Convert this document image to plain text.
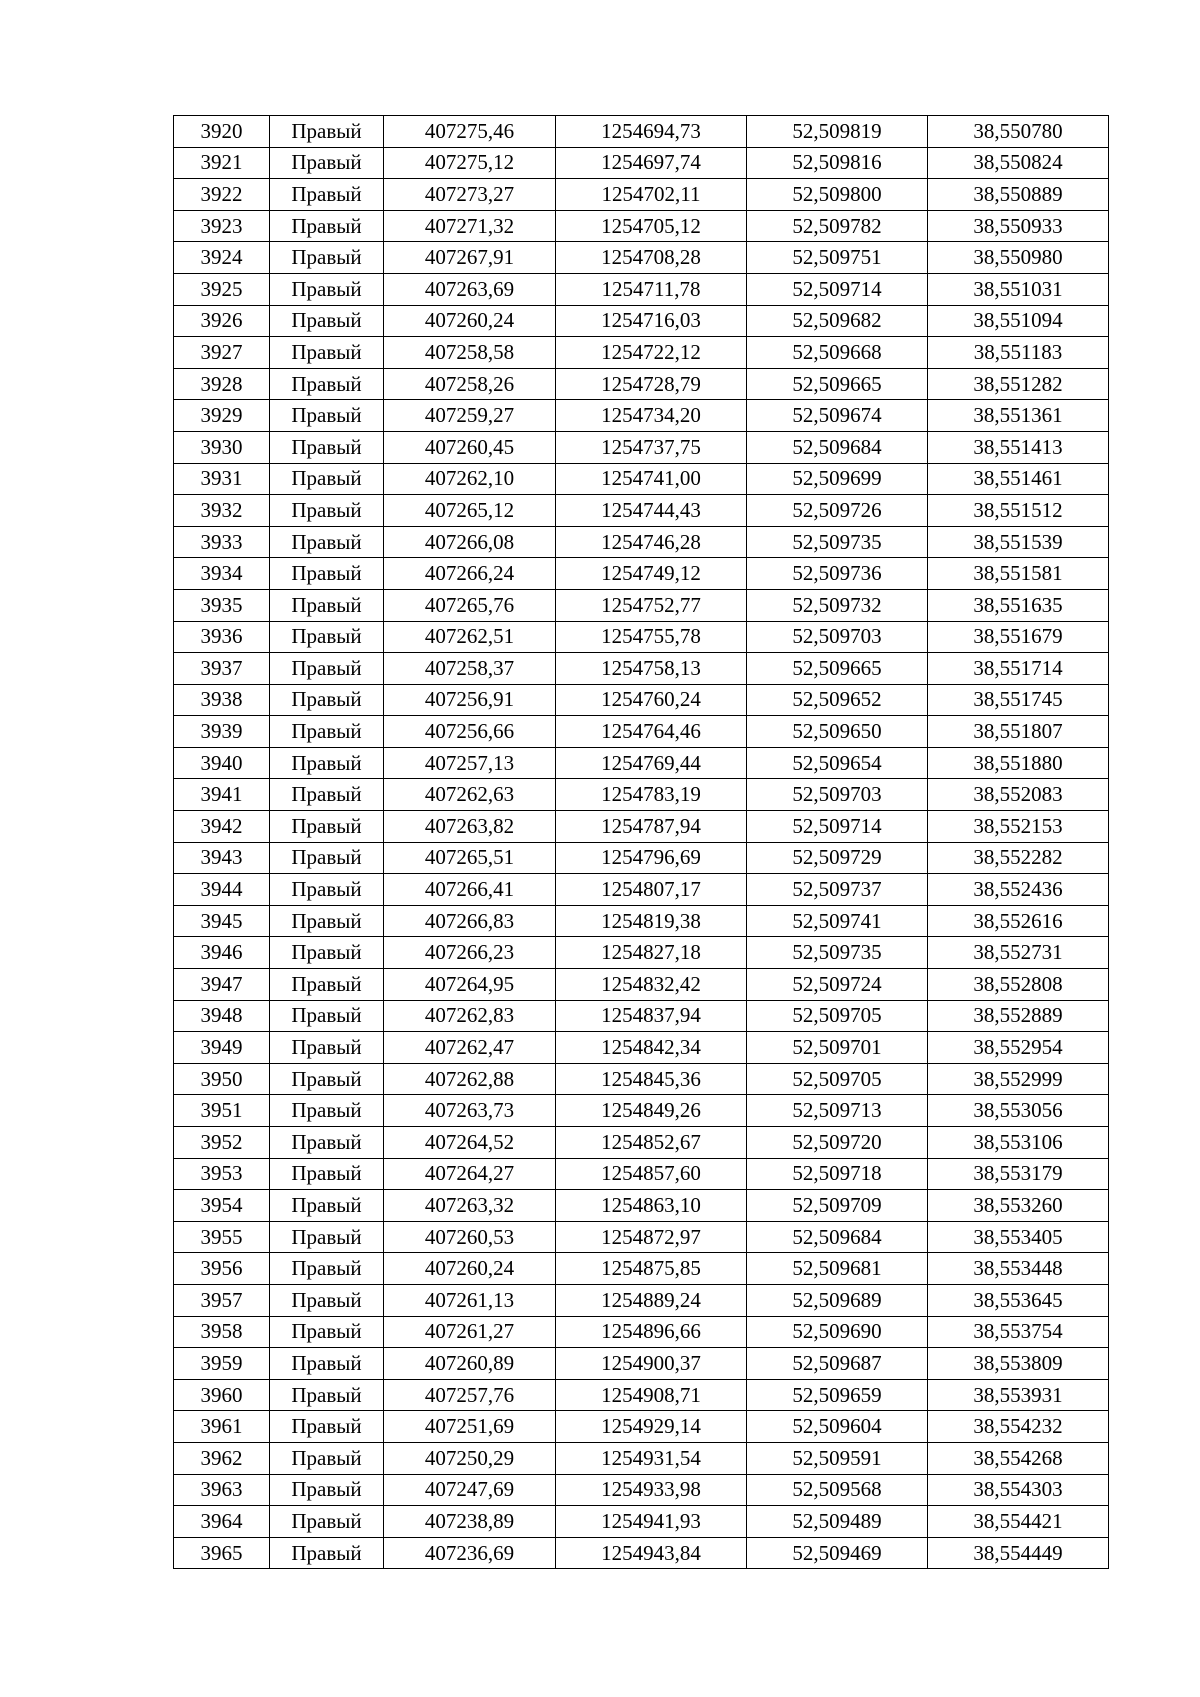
3920	Правый	407275,46	1254694,73	52,509819	38,550780
3921	Правый	407275,12	1254697,74	52,509816	38,550824
3922	Правый	407273,27	1254702,11	52,509800	38,550889
3923	Правый	407271,32	1254705,12	52,509782	38,550933
3924	Правый	407267,91	1254708,28	52,509751	38,550980
3925	Правый	407263,69	1254711,78	52,509714	38,551031
3926	Правый	407260,24	1254716,03	52,509682	38,551094
3927	Правый	407258,58	1254722,12	52,509668	38,551183
3928	Правый	407258,26	1254728,79	52,509665	38,551282
3929	Правый	407259,27	1254734,20	52,509674	38,551361
3930	Правый	407260,45	1254737,75	52,509684	38,551413
3931	Правый	407262,10	1254741,00	52,509699	38,551461
3932	Правый	407265,12	1254744,43	52,509726	38,551512
3933	Правый	407266,08	1254746,28	52,509735	38,551539
3934	Правый	407266,24	1254749,12	52,509736	38,551581
3935	Правый	407265,76	1254752,77	52,509732	38,551635
3936	Правый	407262,51	1254755,78	52,509703	38,551679
3937	Правый	407258,37	1254758,13	52,509665	38,551714
3938	Правый	407256,91	1254760,24	52,509652	38,551745
3939	Правый	407256,66	1254764,46	52,509650	38,551807
3940	Правый	407257,13	1254769,44	52,509654	38,551880
3941	Правый	407262,63	1254783,19	52,509703	38,552083
3942	Правый	407263,82	1254787,94	52,509714	38,552153
3943	Правый	407265,51	1254796,69	52,509729	38,552282
3944	Правый	407266,41	1254807,17	52,509737	38,552436
3945	Правый	407266,83	1254819,38	52,509741	38,552616
3946	Правый	407266,23	1254827,18	52,509735	38,552731
3947	Правый	407264,95	1254832,42	52,509724	38,552808
3948	Правый	407262,83	1254837,94	52,509705	38,552889
3949	Правый	407262,47	1254842,34	52,509701	38,552954
3950	Правый	407262,88	1254845,36	52,509705	38,552999
3951	Правый	407263,73	1254849,26	52,509713	38,553056
3952	Правый	407264,52	1254852,67	52,509720	38,553106
3953	Правый	407264,27	1254857,60	52,509718	38,553179
3954	Правый	407263,32	1254863,10	52,509709	38,553260
3955	Правый	407260,53	1254872,97	52,509684	38,553405
3956	Правый	407260,24	1254875,85	52,509681	38,553448
3957	Правый	407261,13	1254889,24	52,509689	38,553645
3958	Правый	407261,27	1254896,66	52,509690	38,553754
3959	Правый	407260,89	1254900,37	52,509687	38,553809
3960	Правый	407257,76	1254908,71	52,509659	38,553931
3961	Правый	407251,69	1254929,14	52,509604	38,554232
3962	Правый	407250,29	1254931,54	52,509591	38,554268
3963	Правый	407247,69	1254933,98	52,509568	38,554303
3964	Правый	407238,89	1254941,93	52,509489	38,554421
3965	Правый	407236,69	1254943,84	52,509469	38,554449
